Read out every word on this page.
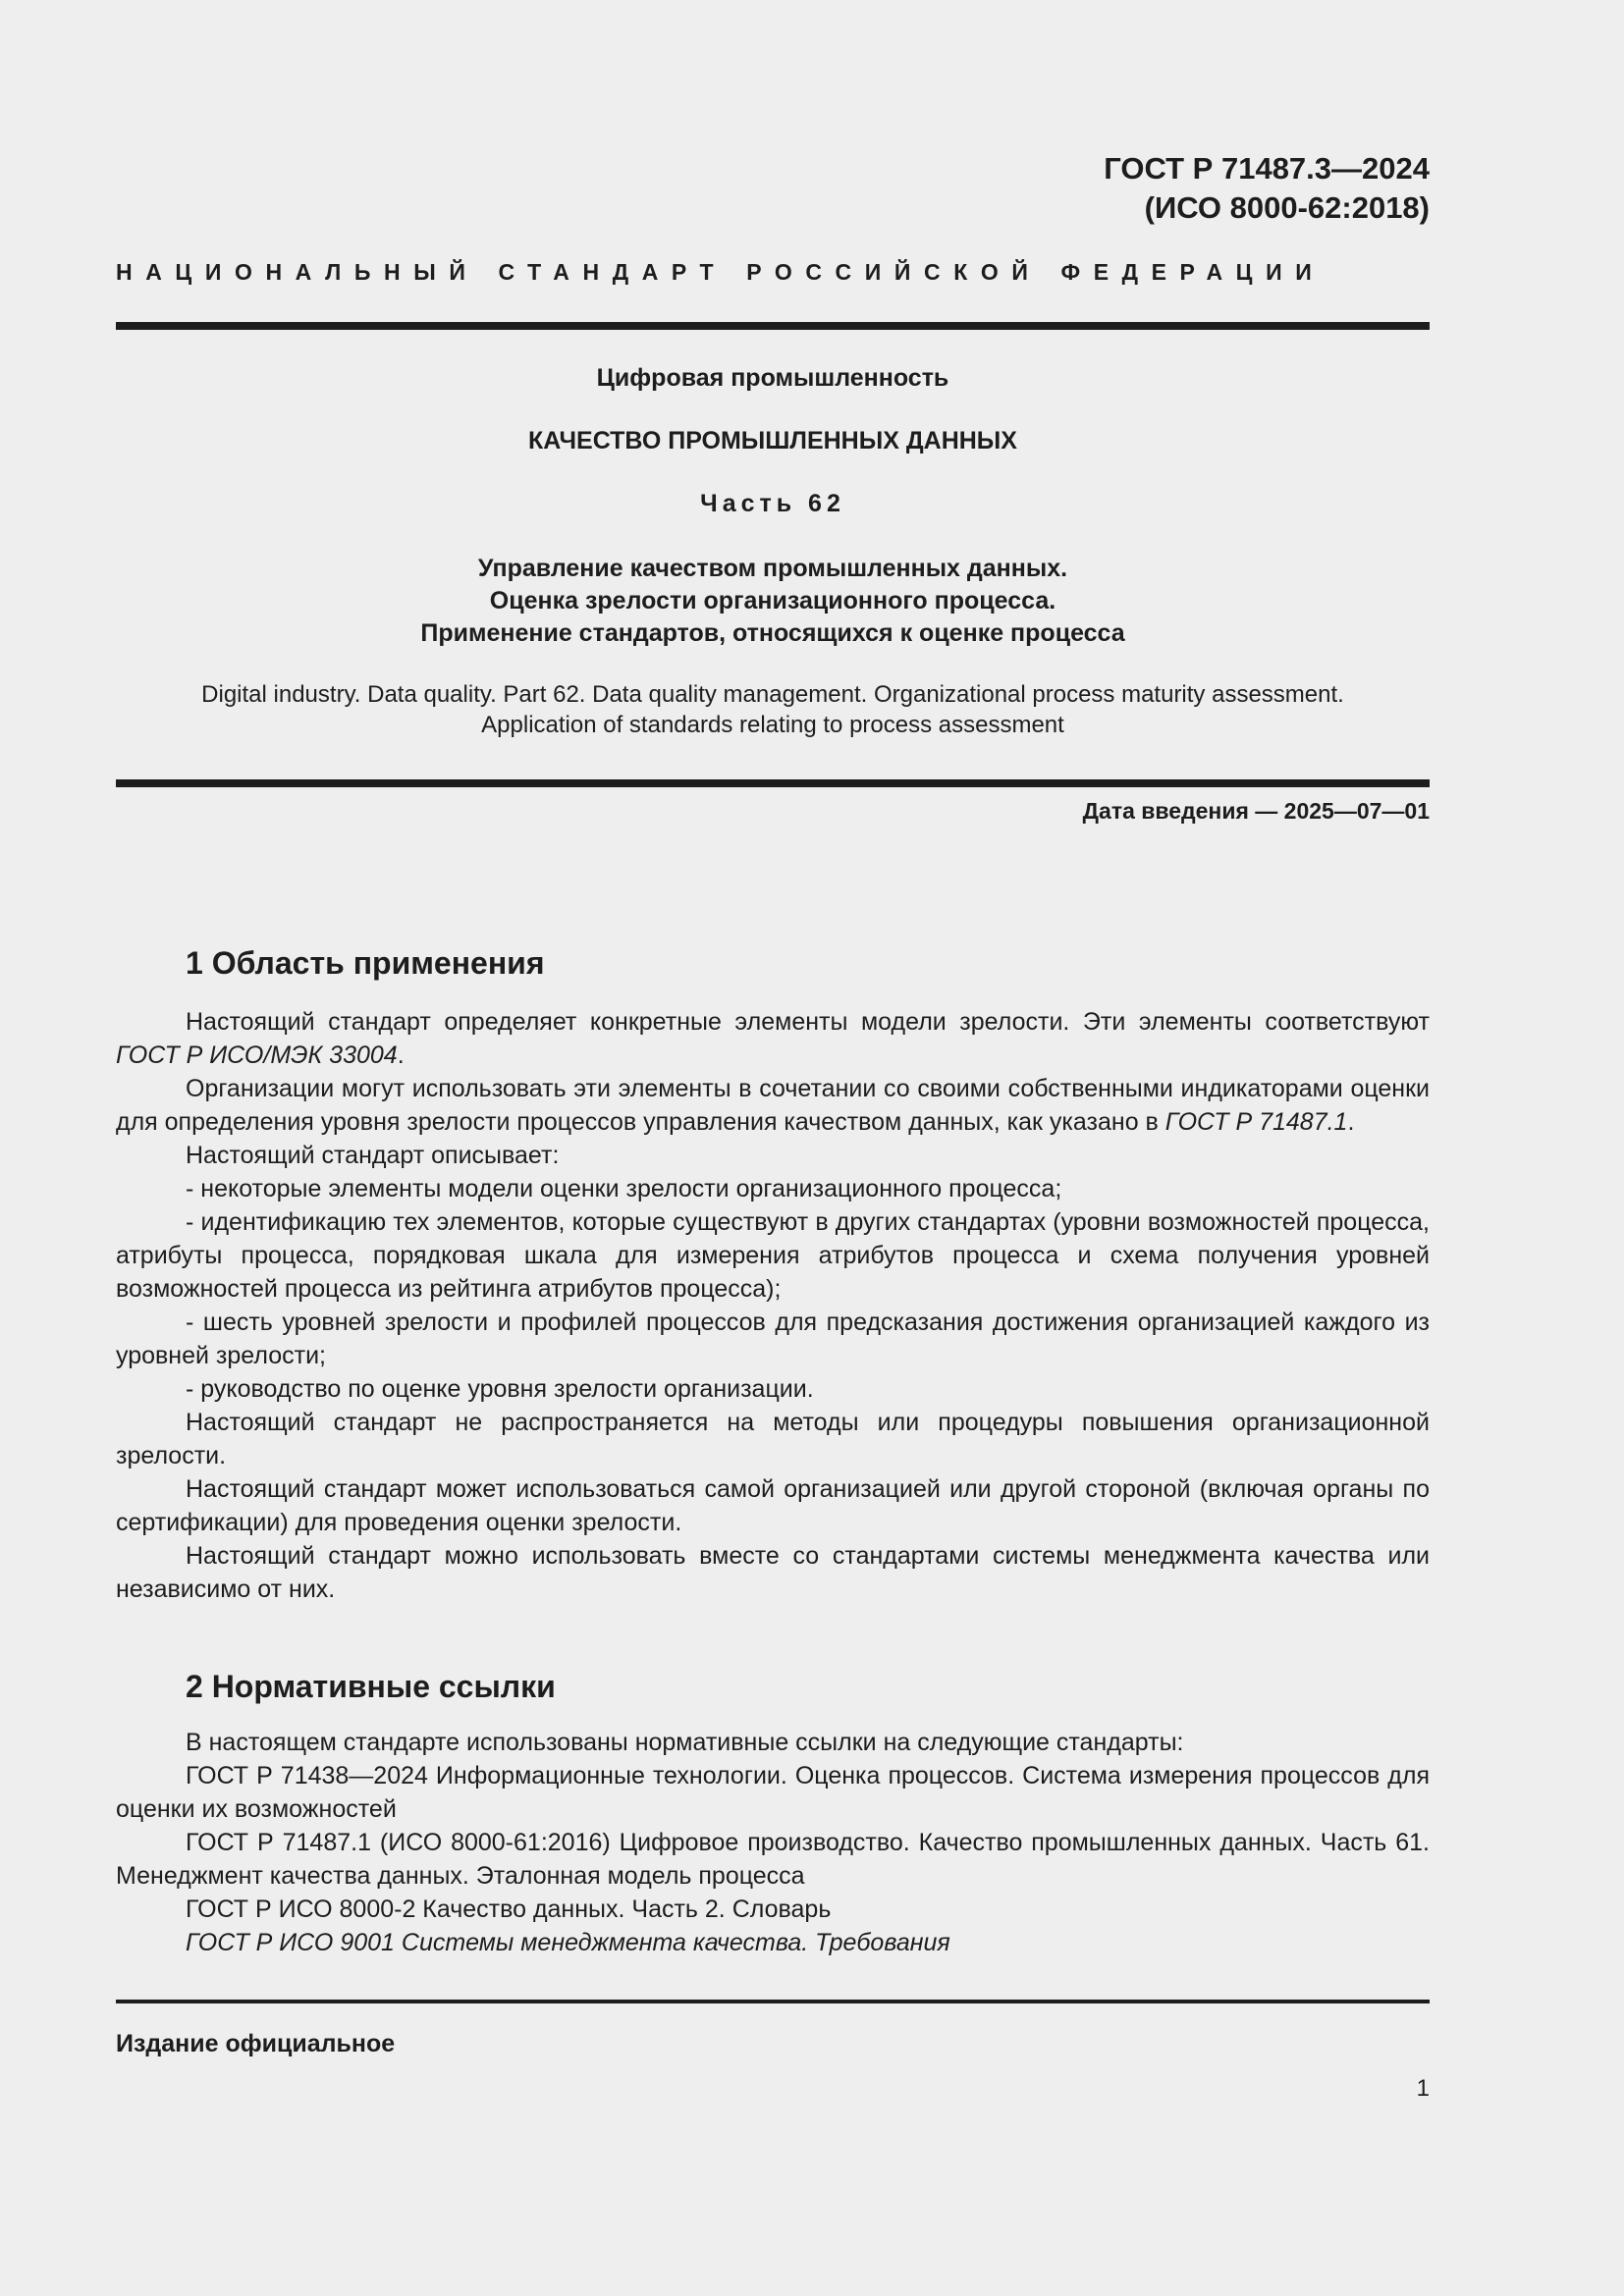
ГОСТ Р 71487.3—2024
(ИСО 8000-62:2018)
НАЦИОНАЛЬНЫЙ СТАНДАРТ РОССИЙСКОЙ ФЕДЕРАЦИИ
Цифровая промышленность
КАЧЕСТВО ПРОМЫШЛЕННЫХ ДАННЫХ
Часть 62
Управление качеством промышленных данных.
Оценка зрелости организационного процесса.
Применение стандартов, относящихся к оценке процесса
Digital industry. Data quality. Part 62. Data quality management. Organizational process maturity assessment.
Application of standards relating to process assessment
Дата введения — 2025—07—01
1 Область применения

Настоящий стандарт определяет конкретные элементы модели зрелости. Эти элементы соответствуют ГОСТ Р ИСО/МЭК 33004.

Организации могут использовать эти элементы в сочетании со своими собственными индикаторами оценки для определения уровня зрелости процессов управления качеством данных, как указано в ГОСТ Р 71487.1.

Настоящий стандарт описывает:

- некоторые элементы модели оценки зрелости организационного процесса;

- идентификацию тех элементов, которые существуют в других стандартах (уровни возможностей процесса, атрибуты процесса, порядковая шкала для измерения атрибутов процесса и схема получения уровней возможностей процесса из рейтинга атрибутов процесса);

- шесть уровней зрелости и профилей процессов для предсказания достижения организацией каждого из уровней зрелости;

- руководство по оценке уровня зрелости организации.

Настоящий стандарт не распространяется на методы или процедуры повышения организационной зрелости.

Настоящий стандарт может использоваться самой организацией или другой стороной (включая органы по сертификации) для проведения оценки зрелости.

Настоящий стандарт можно использовать вместе со стандартами системы менеджмента качества или независимо от них.

2 Нормативные ссылки

В настоящем стандарте использованы нормативные ссылки на следующие стандарты:

ГОСТ Р 71438—2024 Информационные технологии. Оценка процессов. Система измерения процессов для оценки их возможностей

ГОСТ Р 71487.1 (ИСО 8000-61:2016) Цифровое производство. Качество промышленных данных. Часть 61. Менеджмент качества данных. Эталонная модель процесса

ГОСТ Р ИСО 8000-2 Качество данных. Часть 2. Словарь

ГОСТ Р ИСО 9001 Системы менеджмента качества. Требования

Издание официальное
1
